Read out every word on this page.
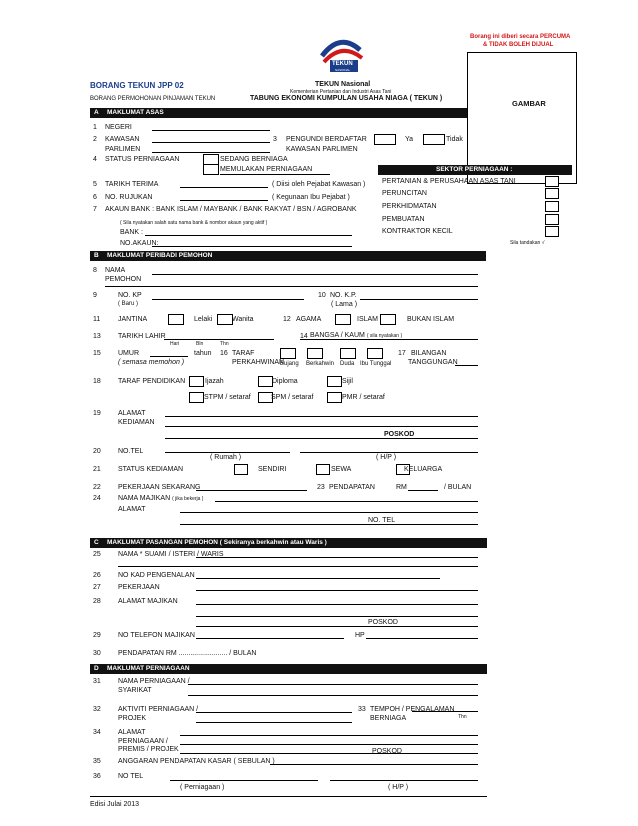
Borang ini diberi secara PERCUMA
& TIDAK BOLEH DIJUAL
TEKUN
NASIONAL
BORANG TEKUN JPP 02
BORANG PERMOHONAN PINJAMAN TEKUN
TEKUN Nasional
Kementerian Pertanian dan Industri Asas Tani
TABUNG EKONOMI KUMPULAN USAHA NIAGA ( TEKUN )
GAMBAR
A MAKLUMAT ASAS
1 NEGERI
2 KAWASAN
PARLIMEN
3 PENGUNDI BERDAFTAR
KAWASAN PARLIMEN
Ya	Tidak
4 STATUS PERNIAGAAN	SEDANG BERNIAGA
MEMULAKAN PERNIAGAAN	SEKTOR PERNIAGAAN :
5 TARIKH TERIMA	( Diisi oleh Pejabat Kawasan )
6 NO. RUJUKAN	( Kegunaan Ibu Pejabat )
7 AKAUN BANK : BANK ISLAM / MAYBANK / BANK RAKYAT / BSN / AGROBANK
( Sila nyatakan salah satu nama bank & nombor akaun yang aktif )
BANK :
NO.AKAUN:
PERTANIAN & PERUSAHAAN ASAS TANI
PERUNCITAN
PERKHIDMATAN
PEMBUATAN
KONTRAKTOR KECIL
Sila tandakan √
B MAKLUMAT PERIBADI PEMOHON
8 NAMA
PEMOHON
9	NO. KP
( Baru )
10 NO. K.P.
( Lama )
11	JANTINA	Lelaki	Wanita	12 AGAMA	ISLAM	BUKAN ISLAM
13 TARIKH LAHIR
Hari	Bln	Thn
14 BANGSA / KAUM ( sila nyatakan )
15 UMUR
( semasa memohon )
tahun 16 TARAF
PERKAHWINAN
Bujang Berkahwin Duda Ibu Tunggal
17 BILANGAN
TANGGUNGAN
18 TARAF PENDIDIKAN	Ijazah	Diploma	Sijil
STPM / setaraf	SPM / setaraf	PMR / setaraf
19 ALAMAT
KEDIAMAN
POSKOD
20 NO.TEL
( Rumah )	( H/P )
21 STATUS KEDIAMAN	SENDIRI	SEWA	KELUARGA
22 PEKERJAAN SEKARANG	23 PENDAPATAN	RM	/ BULAN
24 NAMA MAJIKAN ( jika bekerja )
ALAMAT
NO. TEL
C MAKLUMAT PASANGAN PEMOHON ( Sekiranya berkahwin atau Waris )
25 NAMA * SUAMI / ISTERI / WARIS
26 NO KAD PENGENALAN
27 PEKERJAAN
28 ALAMAT MAJIKAN
POSKOD
29 NO TELEFON MAJIKAN	HP
30 PENDAPATAN RM ......................... / BULAN
D MAKLUMAT PERNIAGAAN
31 NAMA PERNIAGAAN /
SYARIKAT
32 AKTIVITI PERNIAGAAN /
PROJEK
33 TEMPOH / PENGALAMAN
BERNIAGA	Thn
34 ALAMAT
PERNIAGAAN /
PREMIS / PROJEK	POSKOD
35 ANGGARAN PENDAPATAN KASAR ( SEBULAN )
36 NO TEL
( Perniagaan )	( H/P )
Edisi Julai 2013
